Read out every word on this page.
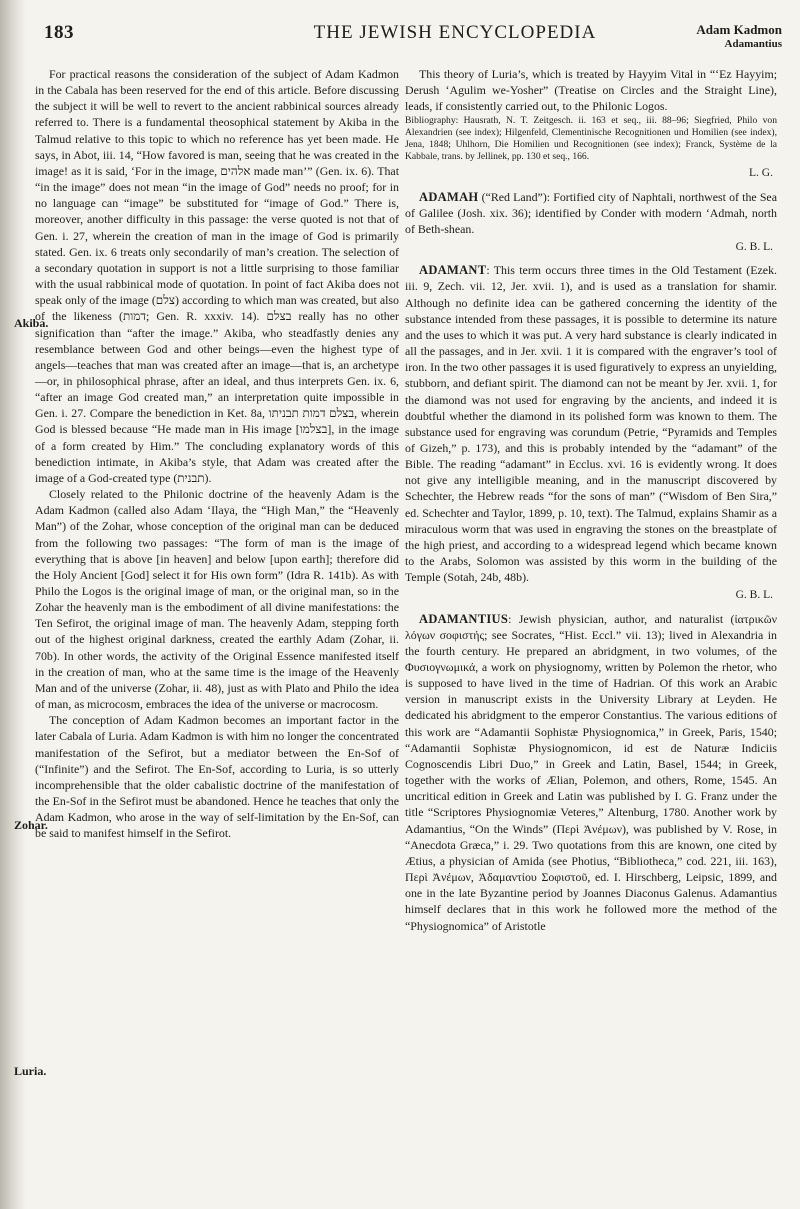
183	THE JEWISH ENCYCLOPEDIA	Adam Kadmon
Adamantius
Akiba.
Zohar.
Luria.

For practical reasons the consideration of the subject of Adam Kadmon in the Cabala has been reserved for the end of this article. Before discussing the subject it will be well to revert to the ancient rabbinical sources already referred to. There is a fundamental theosophical statement by Akiba in the Talmud relative to this topic to which no reference has yet been made. He says, in Abot, iii. 14, “How favored is man, seeing that he was created in the image! as it is said, ‘For in the image, אלהים made man’” (Gen. ix. 6). That “in the image” does not mean “in the image of God” needs no proof; for in no language can “image” be substituted for “image of God.” There is, moreover, another difficulty in this passage: the verse quoted is not that of Gen. i. 27, wherein the creation of man in the image of God is primarily stated. Gen. ix. 6 treats only secondarily of man’s creation. The selection of a secondary quotation in support is not a little surprising to those familiar with the usual rabbinical mode of quotation. In point of fact Akiba does not speak only of the image (צלם) according to which man was created, but also of the likeness (דמות; Gen. R. xxxiv. 14). בצלם really has no other signification than “after the image.” Akiba, who steadfastly denies any resemblance between God and other beings—even the highest type of angels—teaches that man was created after an image—that is, an archetype—or, in philosophical phrase, after an ideal, and thus interprets Gen. ix. 6, “after an image God created man,” an interpretation quite impossible in Gen. i. 27. Compare the benediction in Ket. 8a, בצלם דמות תבניתו, wherein God is blessed because “He made man in His image [בצלמו], in the image of a form created by Him.” The concluding explanatory words of this benediction intimate, in Akiba’s style, that Adam was created after the image of a God-created type (תבנית).

Closely related to the Philonic doctrine of the heavenly Adam is the Adam Kadmon (called also Adam ‘Ilaya, the “High Man,” the “Heavenly Man”) of the Zohar, whose conception of the original man can be deduced from the following two passages: “The form of man is the image of everything that is above [in heaven] and below [upon earth]; therefore did the Holy Ancient [God] select it for His own form” (Idra R. 141b). As with Philo the Logos is the original image of man, or the original man, so in the Zohar the heavenly man is the embodiment of all divine manifestations: the Ten Sefirot, the original image of man. The heavenly Adam, stepping forth out of the highest original darkness, created the earthly Adam (Zohar, ii. 70b). In other words, the activity of the Original Essence manifested itself in the creation of man, who at the same time is the image of the Heavenly Man and of the universe (Zohar, ii. 48), just as with Plato and Philo the idea of man, as microcosm, embraces the idea of the universe or macrocosm.

The conception of Adam Kadmon becomes an important factor in the later Cabala of Luria. Adam Kadmon is with him no longer the concentrated manifestation of the Sefirot, but a mediator between the En-Sof of (“Infinite”) and the Sefirot. The En-Sof, according to Luria, is so utterly incomprehensible that the older cabalistic doctrine of the manifestation of the En-Sof in the Sefirot must be abandoned. Hence he teaches that only the Adam Kadmon, who arose in the way of self-limitation by the En-Sof, can be said to manifest himself in the Sefirot.

This theory of Luria’s, which is treated by Hayyim Vital in “‘Ez Hayyim; Derush ‘Agulim we-Yosher” (Treatise on Circles and the Straight Line), leads, if consistently carried out, to the Philonic Logos.

Bibliography: Hausrath, N. T. Zeitgesch. ii. 163 et seq., iii. 88–96; Siegfried, Philo von Alexandrien (see index); Hilgenfeld, Clementinische Recognitionen und Homilien (see index), Jena, 1848; Uhlhorn, Die Homilien und Recognitionen (see index); Franck, Système de la Kabbale, trans. by Jellinek, pp. 130 et seq., 166.

L. G.

ADAMAH (“Red Land”): Fortified city of Naphtali, northwest of the Sea of Galilee (Josh. xix. 36); identified by Conder with modern ‘Admah, north of Beth-shean.

G. B. L.

ADAMANT: This term occurs three times in the Old Testament (Ezek. iii. 9, Zech. vii. 12, Jer. xvii. 1), and is used as a translation for shamir. Although no definite idea can be gathered concerning the identity of the substance intended from these passages, it is possible to determine its nature and the uses to which it was put. A very hard substance is clearly indicated in all the passages, and in Jer. xvii. 1 it is compared with the engraver’s tool of iron. In the two other passages it is used figuratively to express an unyielding, stubborn, and defiant spirit. The diamond can not be meant by Jer. xvii. 1, for the diamond was not used for engraving by the ancients, and indeed it is doubtful whether the diamond in its polished form was known to them. The substance used for engraving was corundum (Petrie, “Pyramids and Temples of Gizeh,” p. 173), and this is probably intended by the “adamant” of the Bible. The reading “adamant” in Ecclus. xvi. 16 is evidently wrong. It does not give any intelligible meaning, and in the manuscript discovered by Schechter, the Hebrew reads “for the sons of man” (“Wisdom of Ben Sira,” ed. Schechter and Taylor, 1899, p. 10, text). The Talmud, explains Shamir as a miraculous worm that was used in engraving the stones on the breastplate of the high priest, and according to a widespread legend which became known to the Arabs, Solomon was assisted by this worm in the building of the Temple (Sotah, 24b, 48b).

G. B. L.

ADAMANTIUS: Jewish physician, author, and naturalist (ἰατρικῶν λόγων σοφιστής; see Socrates, “Hist. Eccl.” vii. 13); lived in Alexandria in the fourth century. He prepared an abridgment, in two volumes, of the Φυσιογνωμικά, a work on physiognomy, written by Polemon the rhetor, who is supposed to have lived in the time of Hadrian. Of this work an Arabic version in manuscript exists in the University Library at Leyden. He dedicated his abridgment to the emperor Constantius. The various editions of this work are “Adamantii Sophistæ Physiognomica,” in Greek, Paris, 1540; “Adamantii Sophistæ Physiognomicon, id est de Naturæ Indiciis Cognoscendis Libri Duo,” in Greek and Latin, Basel, 1544; in Greek, together with the works of Ælian, Polemon, and others, Rome, 1545. An uncritical edition in Greek and Latin was published by I. G. Franz under the title “Scriptores Physiognomiæ Veteres,” Altenburg, 1780. Another work by Adamantius, “On the Winds” (Περὶ Ἀνέμων), was published by V. Rose, in “Anecdota Græca,” i. 29. Two quotations from this are known, one cited by Ætius, a physician of Amida (see Photius, “Bibliotheca,” cod. 221, iii. 163), Περὶ Ἀνέμων, Ἀδαμαντίου Σοφιστοῦ, ed. I. Hirschberg, Leipsic, 1899, and one in the late Byzantine period by Joannes Diaconus Galenus. Adamantius himself declares that in this work he followed more the method of the “Physiognomica” of Aristotle
